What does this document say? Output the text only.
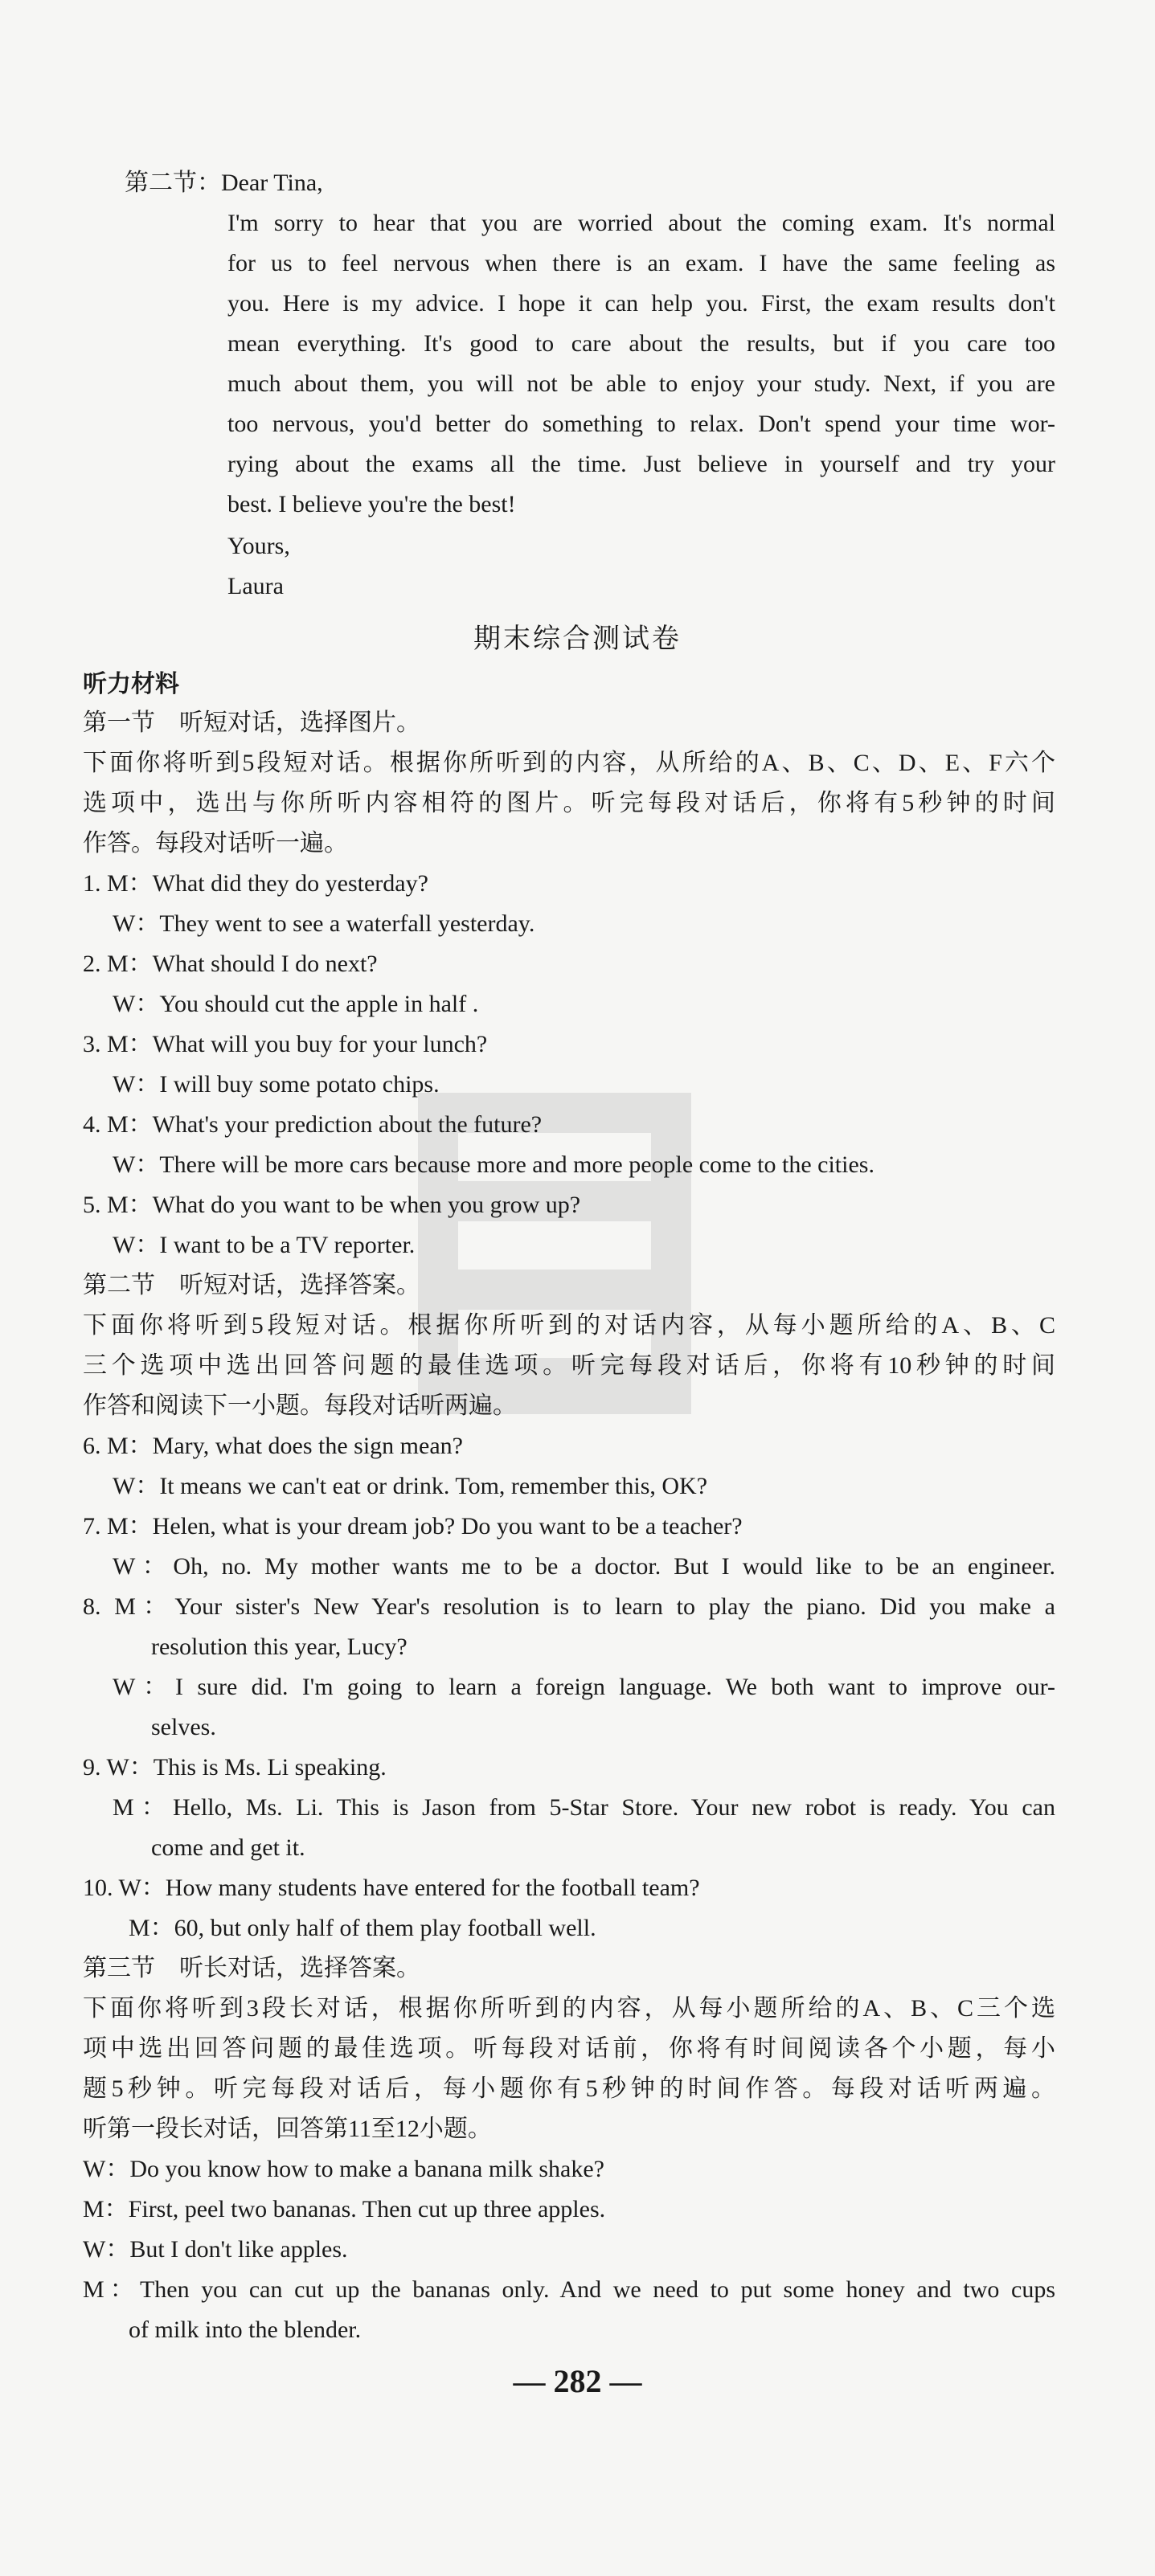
第二节：Dear Tina,
I'm sorry to hear that you are worried about the coming exam. It's normal
for us to feel nervous when there is an exam. I have the same feeling as
you. Here is my advice. I hope it can help you. First, the exam results don't
mean everything. It's good to care about the results, but if you care too
much about them, you will not be able to enjoy your study. Next, if you are
too nervous, you'd better do something to relax. Don't spend your time wor-
rying about the exams all the time. Just believe in yourself and try your
best. I believe you're the best!
Yours,
Laura
期末综合测试卷
听力材料
第一节　听短对话，选择图片。
下面你将听到5段短对话。根据你所听到的内容，从所给的A、B、C、D、E、F六个
选项中，选出与你所听内容相符的图片。听完每段对话后，你将有5秒钟的时间
作答。每段对话听一遍。
1. M：What did they do yesterday?
W：They went to see a waterfall yesterday.
2. M：What should I do next?
W：You should cut the apple in half .
3. M：What will you buy for your lunch?
W：I will buy some potato chips.
4. M：What's your prediction about the future?
W：There will be more cars because more and more people come to the cities.
5. M：What do you want to be when you grow up?
W：I want to be a TV reporter.
第二节　听短对话，选择答案。
下面你将听到5段短对话。根据你所听到的对话内容，从每小题所给的A、B、C
三个选项中选出回答问题的最佳选项。听完每段对话后，你将有10秒钟的时间
作答和阅读下一小题。每段对话听两遍。
6. M：Mary, what does the sign mean?
W：It means we can't eat or drink. Tom, remember this, OK?
7. M：Helen, what is your dream job? Do you want to be a teacher?
W：Oh, no. My mother wants me to be a doctor. But I would like to be an engineer.
8. M：Your sister's New Year's resolution is to learn to play the piano. Did you make a
resolution this year, Lucy?
W：I sure did. I'm going to learn a foreign language. We both want to improve our-
selves.
9. W：This is Ms. Li speaking.
M：Hello, Ms. Li. This is Jason from 5-Star Store. Your new robot is ready. You can
come and get it.
10. W：How many students have entered for the football team?
M：60, but only half of them play football well.
第三节　听长对话，选择答案。
下面你将听到3段长对话，根据你所听到的内容，从每小题所给的A、B、C三个选
项中选出回答问题的最佳选项。听每段对话前，你将有时间阅读各个小题，每小
题5秒钟。听完每段对话后，每小题你有5秒钟的时间作答。每段对话听两遍。
听第一段长对话，回答第11至12小题。
W：Do you know how to make a banana milk shake?
M：First, peel two bananas. Then cut up three apples.
W：But I don't like apples.
M：Then you can cut up the bananas only. And we need to put some honey and two cups
of milk into the blender.
— 282 —
